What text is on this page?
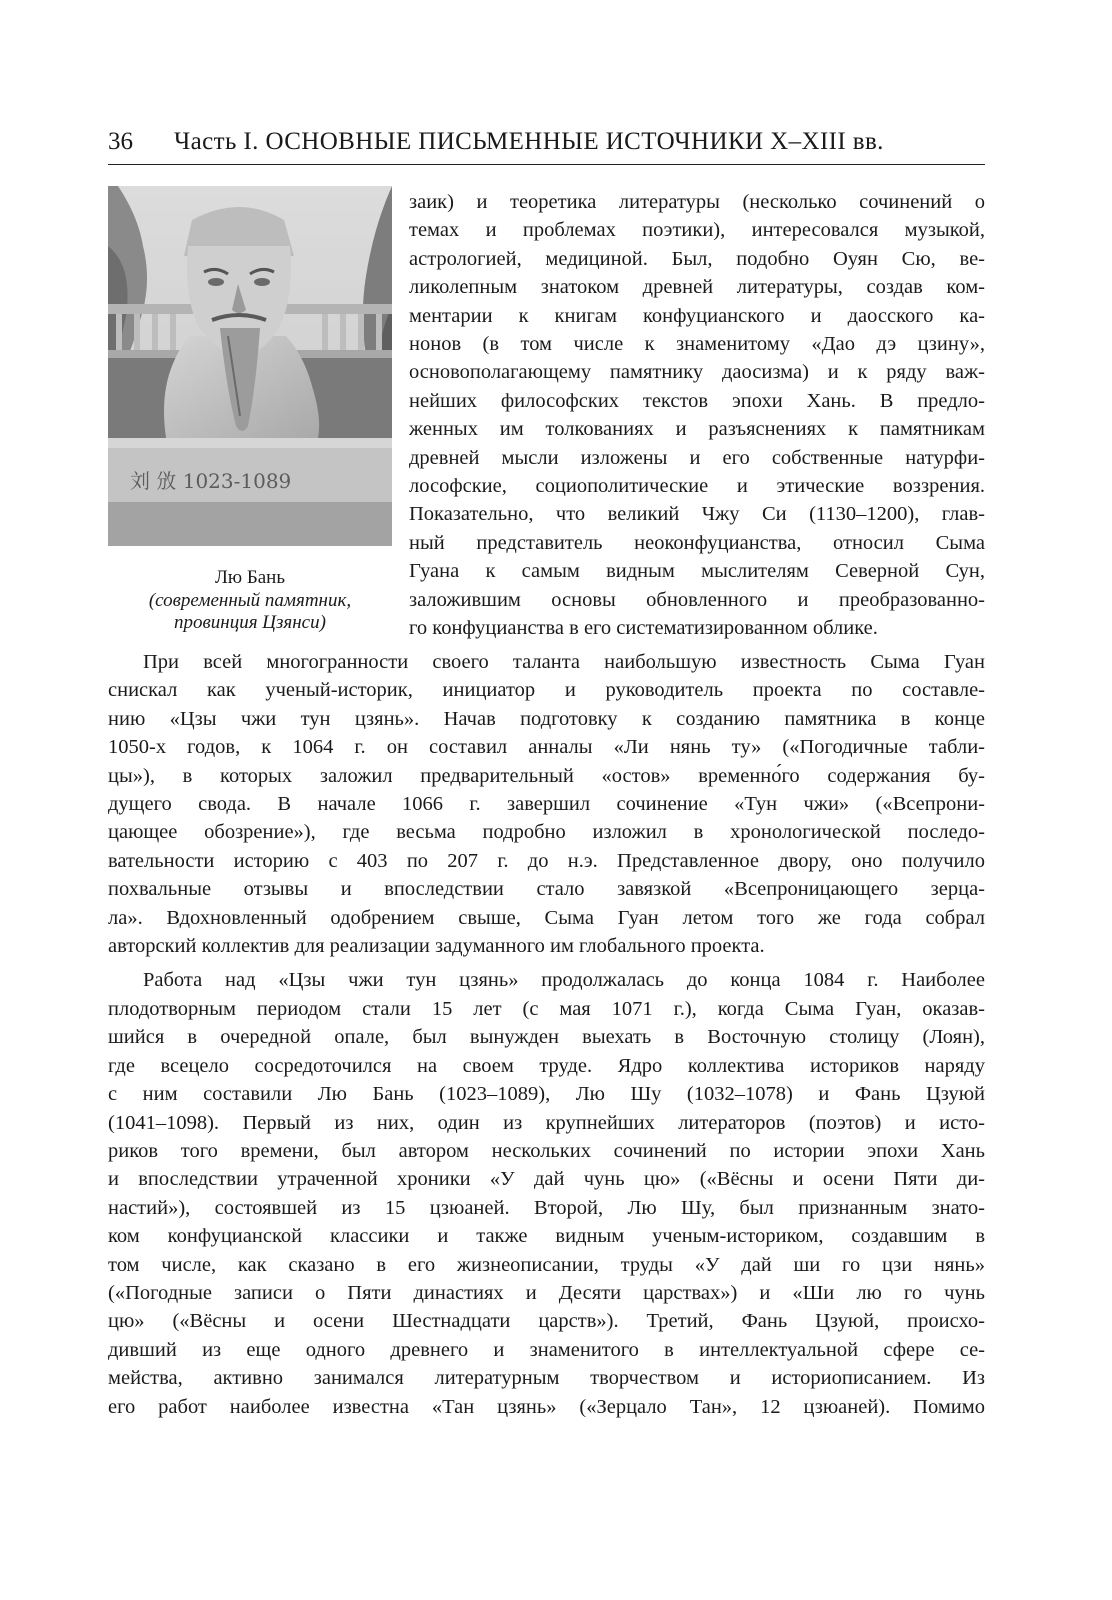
36 Часть I. ОСНОВНЫЕ ПИСЬМЕННЫЕ ИСТОЧНИКИ X–XIII вв.
刘 攽 1023-1089
Лю Бань
(современный памятник,
провинция Цзянси)
заик) и теоретика литературы (несколько сочинений о
темах и проблемах поэтики), интересовался музыкой,
астрологией, медициной. Был, подобно Оуян Сю, ве-
ликолепным знатоком древней литературы, создав ком-
ментарии к книгам конфуцианского и даосского ка-
нонов (в том числе к знаменитому «Дао дэ цзину»,
основополагающему памятнику даосизма) и к ряду важ-
нейших философских текстов эпохи Хань. В предло-
женных им толкованиях и разъяснениях к памятникам
древней мысли изложены и его собственные натурфи-
лософские, социополитические и этические воззрения.
Показательно, что великий Чжу Си (1130–1200), глав-
ный представитель неоконфуцианства, относил Сыма
Гуана к самым видным мыслителям Северной Сун,
заложившим основы обновленного и преобразованно-
го конфуцианства в его систематизированном облике.
При всей многогранности своего таланта наибольшую известность Сыма Гуан
снискал как ученый-историк, инициатор и руководитель проекта по составле-
нию «Цзы чжи тун цзянь». Начав подготовку к созданию памятника в конце
1050-х годов, к 1064 г. он составил анналы «Ли нянь ту» («Погодичные табли-
цы»), в которых заложил предварительный «остов» временно́го содержания бу-
дущего свода. В начале 1066 г. завершил сочинение «Тун чжи» («Всепрони-
цающее обозрение»), где весьма подробно изложил в хронологической последо-
вательности историю с 403 по 207 г. до н.э. Представленное двору, оно получило
похвальные отзывы и впоследствии стало завязкой «Всепроницающего зерца-
ла». Вдохновленный одобрением свыше, Сыма Гуан летом того же года собрал
авторский коллектив для реализации задуманного им глобального проекта.
Работа над «Цзы чжи тун цзянь» продолжалась до конца 1084 г. Наиболее
плодотворным периодом стали 15 лет (с мая 1071 г.), когда Сыма Гуан, оказав-
шийся в очередной опале, был вынужден выехать в Восточную столицу (Лоян),
где всецело сосредоточился на своем труде. Ядро коллектива историков наряду
с ним составили Лю Бань (1023–1089), Лю Шу (1032–1078) и Фань Цзуюй
(1041–1098). Первый из них, один из крупнейших литераторов (поэтов) и исто-
риков того времени, был автором нескольких сочинений по истории эпохи Хань
и впоследствии утраченной хроники «У дай чунь цю» («Вёсны и осени Пяти ди-
настий»), состоявшей из 15 цзюаней. Второй, Лю Шу, был признанным знато-
ком конфуцианской классики и также видным ученым-историком, создавшим в
том числе, как сказано в его жизнеописании, труды «У дай ши го цзи нянь»
(«Погодные записи о Пяти династиях и Десяти царствах») и «Ши лю го чунь
цю» («Вёсны и осени Шестнадцати царств»). Третий, Фань Цзуюй, происхо-
дивший из еще одного древнего и знаменитого в интеллектуальной сфере се-
мейства, активно занимался литературным творчеством и историописанием. Из
его работ наиболее известна «Тан цзянь» («Зерцало Тан», 12 цзюаней). Помимо
